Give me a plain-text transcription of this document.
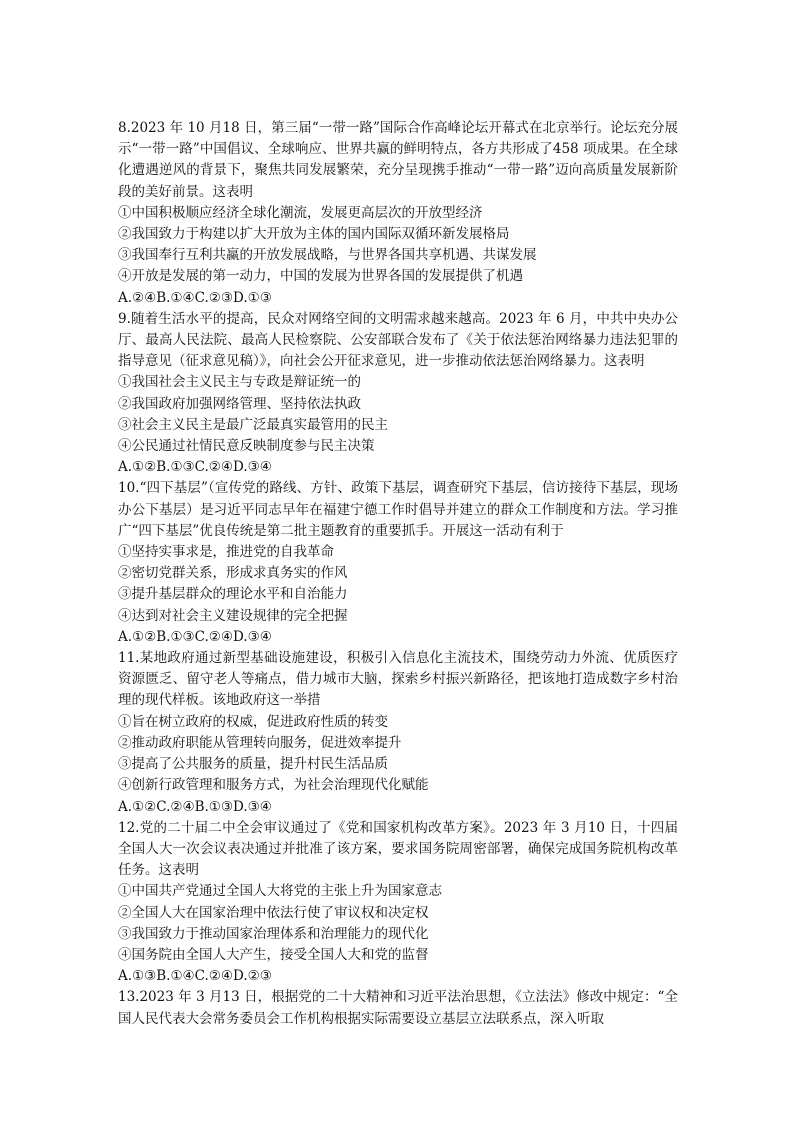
8.2023 年 10 月18 日，第三届“一带一路”国际合作高峰论坛开幕式在北京举行。论坛充分展示“一带一路”中国倡议、全球响应、世界共赢的鲜明特点，各方共形成了458 项成果。在全球化遭遇逆风的背景下，聚焦共同发展繁荣，充分呈现携手推动“一带一路”迈向高质量发展新阶段的美好前景。这表明
①中国积极顺应经济全球化潮流，发展更高层次的开放型经济
②我国致力于构建以扩大开放为主体的国内国际双循环新发展格局
③我国奉行互利共赢的开放发展战略，与世界各国共享机遇、共谋发展
④开放是发展的第一动力，中国的发展为世界各国的发展提供了机遇
A.②④B.①④C.②③D.①③
9.随着生活水平的提高，民众对网络空间的文明需求越来越高。2023 年 6 月，中共中央办公厅、最高人民法院、最高人民检察院、公安部联合发布了《关于依法惩治网络暴力违法犯罪的指导意见（征求意见稿）》，向社会公开征求意见，进一步推动依法惩治网络暴力。这表明
①我国社会主义民主与专政是辩证统一的
②我国政府加强网络管理、坚持依法执政
③社会主义民主是最广泛最真实最管用的民主
④公民通过社情民意反映制度参与民主决策
A.①②B.①③C.②④D.③④
10.“四下基层”（宣传党的路线、方针、政策下基层，调查研究下基层，信访接待下基层，现场办公下基层）是习近平同志早年在福建宁德工作时倡导并建立的群众工作制度和方法。学习推广“四下基层”优良传统是第二批主题教育的重要抓手。开展这一活动有利于
①坚持实事求是，推进党的自我革命
②密切党群关系，形成求真务实的作风
③提升基层群众的理论水平和自治能力
④达到对社会主义建设规律的完全把握
A.①②B.①③C.②④D.③④
11.某地政府通过新型基础设施建设，积极引入信息化主流技术，围绕劳动力外流、优质医疗资源匮乏、留守老人等痛点，借力城市大脑，探索乡村振兴新路径，把该地打造成数字乡村治理的现代样板。该地政府这一举措
①旨在树立政府的权威，促进政府性质的转变
②推动政府职能从管理转向服务，促进效率提升
③提高了公共服务的质量，提升村民生活品质
④创新行政管理和服务方式，为社会治理现代化赋能
A.①②C.②④B.①③D.③④
12.党的二十届二中全会审议通过了《党和国家机构改革方案》。2023 年 3 月10 日，十四届全国人大一次会议表决通过并批准了该方案，要求国务院周密部署，确保完成国务院机构改革任务。这表明
①中国共产党通过全国人大将党的主张上升为国家意志
②全国人大在国家治理中依法行使了审议权和决定权
③我国致力于推动国家治理体系和治理能力的现代化
④国务院由全国人大产生，接受全国人大和党的监督
A.①③B.①④C.②④D.②③
13.2023 年 3 月13 日，根据党的二十大精神和习近平法治思想，《立法法》修改中规定：“全国人民代表大会常务委员会工作机构根据实际需要设立基层立法联系点，深入听取
